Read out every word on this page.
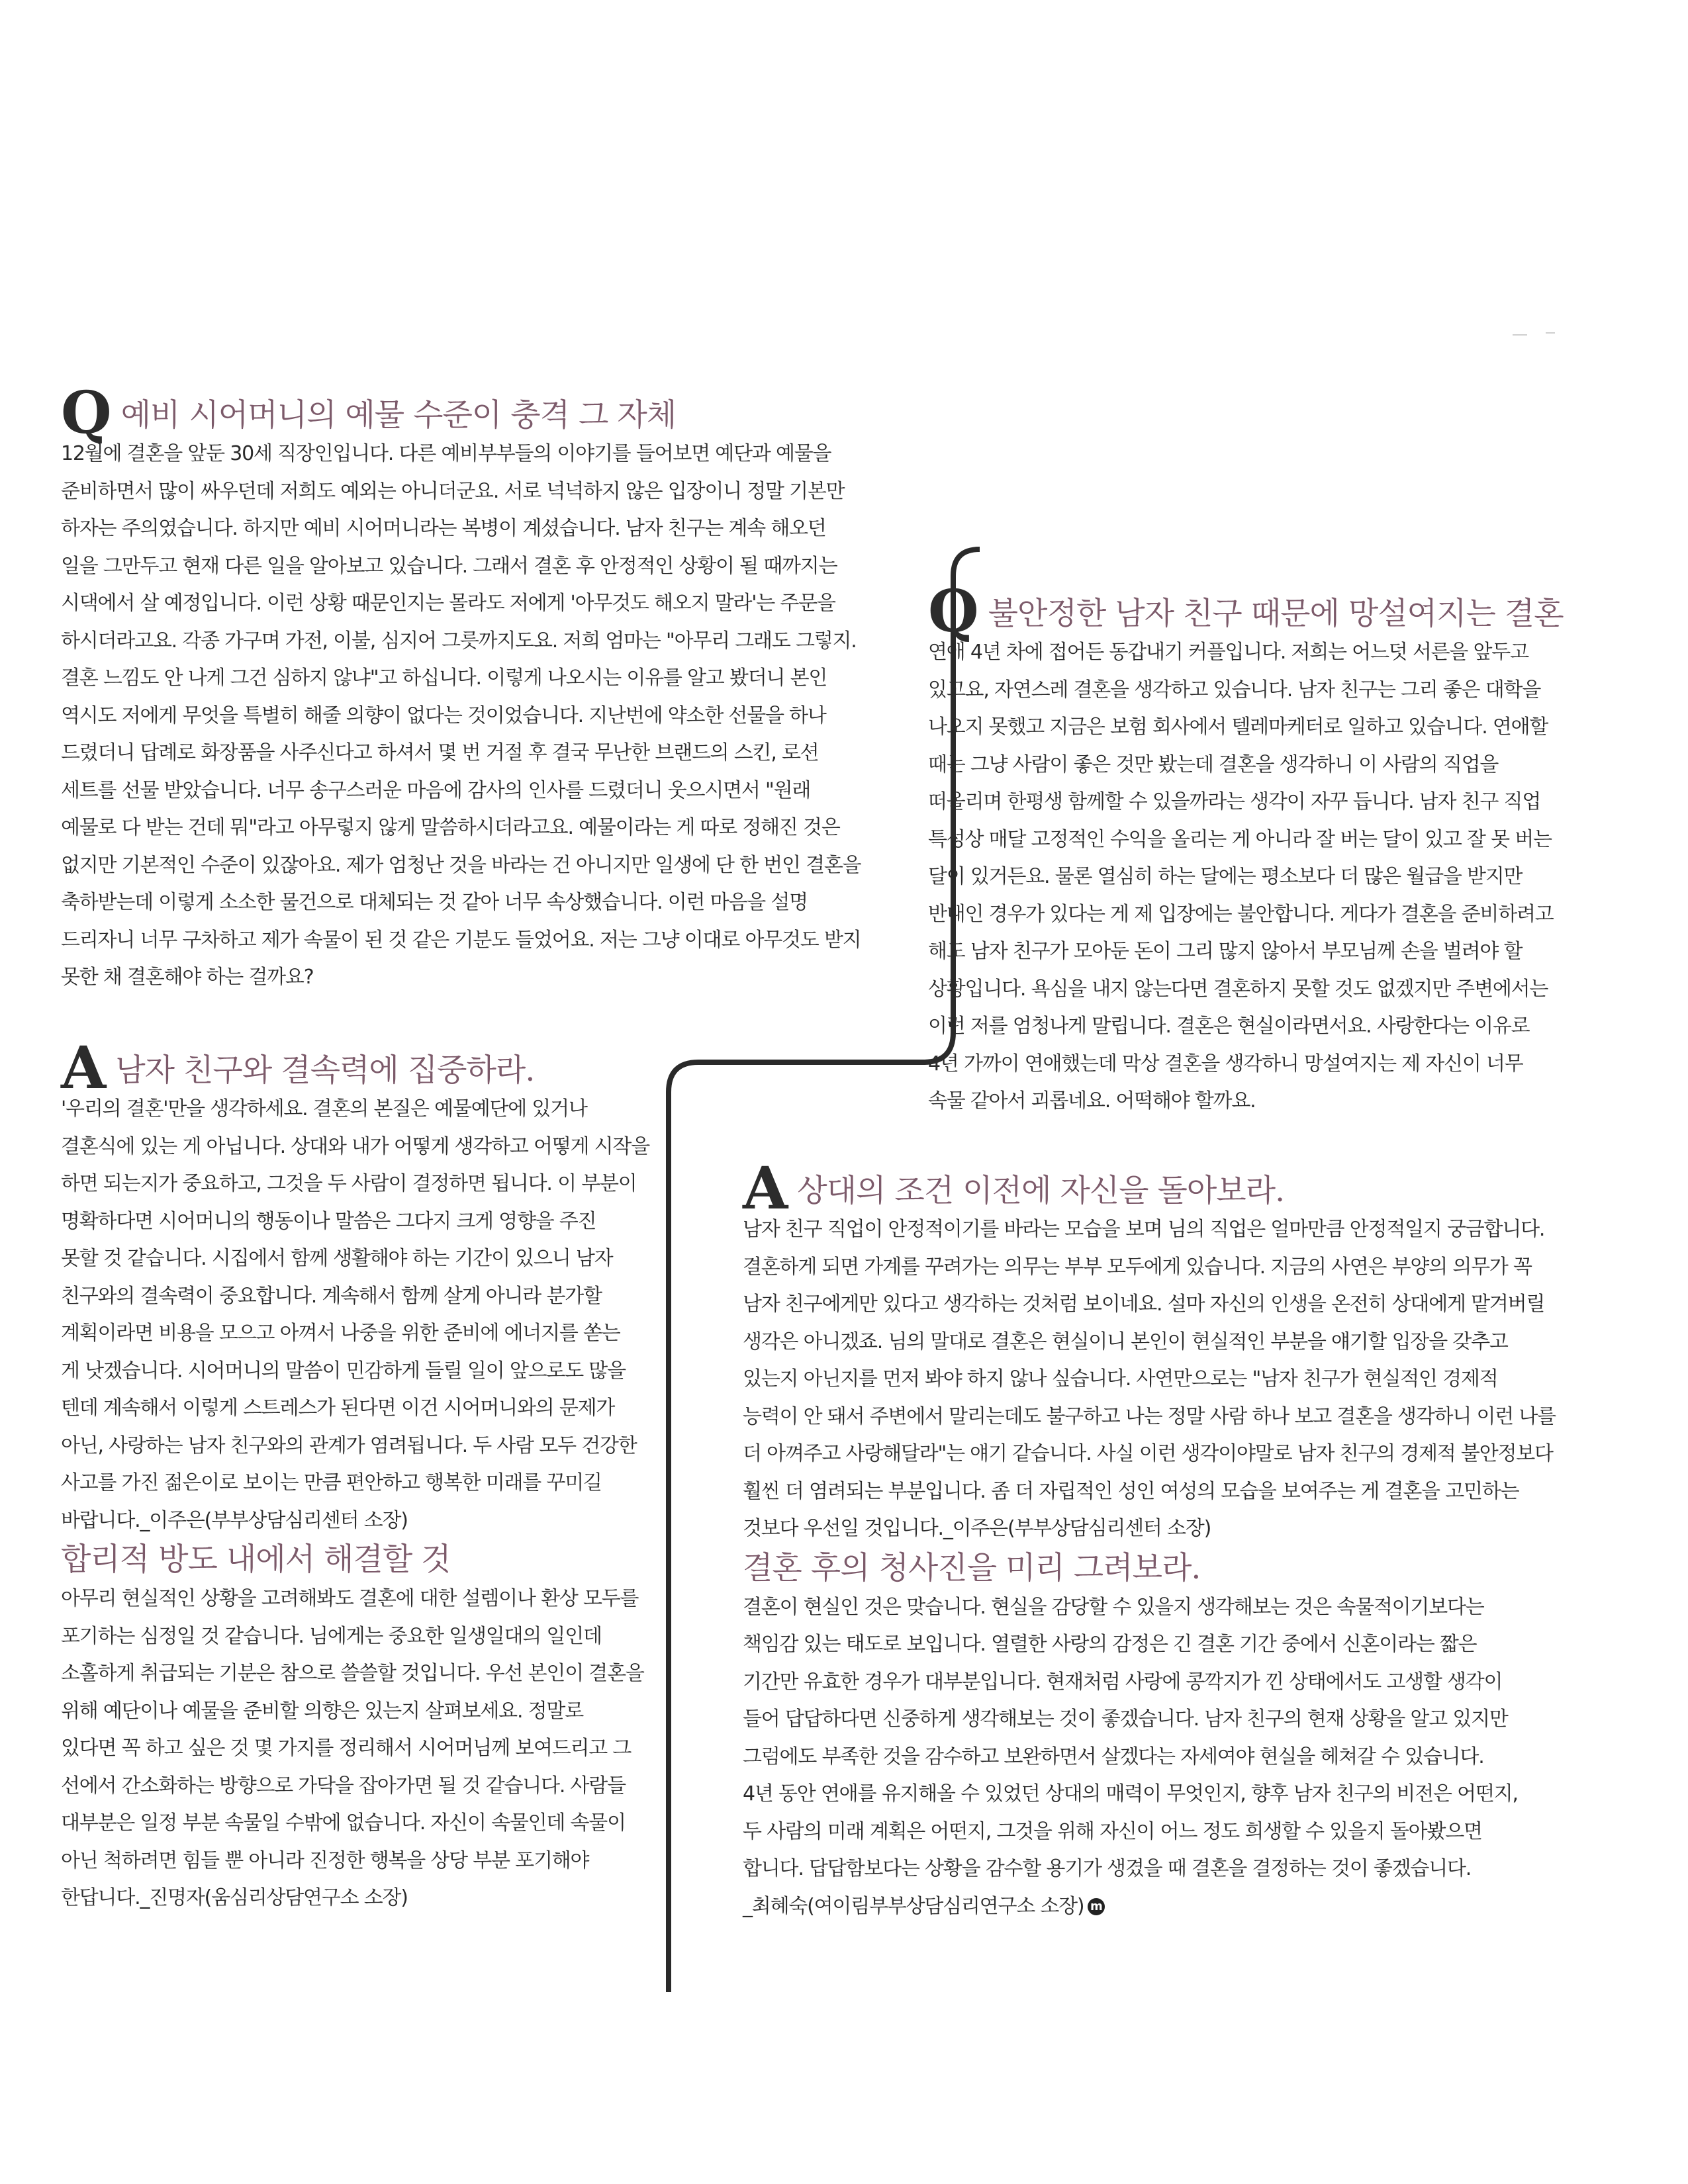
Q 예비 시어머니의 예물 수준이 충격 그 자체

12월에 결혼을 앞둔 30세 직장인입니다. 다른 예비부부들의 이야기를 들어보면 예단과 예물을
준비하면서 많이 싸우던데 저희도 예외는 아니더군요. 서로 넉넉하지 않은 입장이니 정말 기본만
하자는 주의였습니다. 하지만 예비 시어머니라는 복병이 계셨습니다. 남자 친구는 계속 해오던
일을 그만두고 현재 다른 일을 알아보고 있습니다. 그래서 결혼 후 안정적인 상황이 될 때까지는
시댁에서 살 예정입니다. 이런 상황 때문인지는 몰라도 저에게 '아무것도 해오지 말라'는 주문을
하시더라고요. 각종 가구며 가전, 이불, 심지어 그릇까지도요. 저희 엄마는 "아무리 그래도 그렇지.
결혼 느낌도 안 나게 그건 심하지 않냐"고 하십니다. 이렇게 나오시는 이유를 알고 봤더니 본인
역시도 저에게 무엇을 특별히 해줄 의향이 없다는 것이었습니다. 지난번에 약소한 선물을 하나
드렸더니 답례로 화장품을 사주신다고 하셔서 몇 번 거절 후 결국 무난한 브랜드의 스킨, 로션
세트를 선물 받았습니다. 너무 송구스러운 마음에 감사의 인사를 드렸더니 웃으시면서 "원래
예물로 다 받는 건데 뭐"라고 아무렇지 않게 말씀하시더라고요. 예물이라는 게 따로 정해진 것은
없지만 기본적인 수준이 있잖아요. 제가 엄청난 것을 바라는 건 아니지만 일생에 단 한 번인 결혼을
축하받는데 이렇게 소소한 물건으로 대체되는 것 같아 너무 속상했습니다. 이런 마음을 설명
드리자니 너무 구차하고 제가 속물이 된 것 같은 기분도 들었어요. 저는 그냥 이대로 아무것도 받지
못한 채 결혼해야 하는 걸까요?

A 남자 친구와 결속력에 집중하라.

'우리의 결혼'만을 생각하세요. 결혼의 본질은 예물예단에 있거나
결혼식에 있는 게 아닙니다. 상대와 내가 어떻게 생각하고 어떻게 시작을
하면 되는지가 중요하고, 그것을 두 사람이 결정하면 됩니다. 이 부분이
명확하다면 시어머니의 행동이나 말씀은 그다지 크게 영향을 주진
못할 것 같습니다. 시집에서 함께 생활해야 하는 기간이 있으니 남자
친구와의 결속력이 중요합니다. 계속해서 함께 살게 아니라 분가할
계획이라면 비용을 모으고 아껴서 나중을 위한 준비에 에너지를 쏟는
게 낫겠습니다. 시어머니의 말씀이 민감하게 들릴 일이 앞으로도 많을
텐데 계속해서 이렇게 스트레스가 된다면 이건 시어머니와의 문제가
아닌, 사랑하는 남자 친구와의 관계가 염려됩니다. 두 사람 모두 건강한
사고를 가진 젊은이로 보이는 만큼 편안하고 행복한 미래를 꾸미길
바랍니다._이주은(부부상담심리센터 소장)

합리적 방도 내에서 해결할 것

아무리 현실적인 상황을 고려해봐도 결혼에 대한 설렘이나 환상 모두를
포기하는 심정일 것 같습니다. 님에게는 중요한 일생일대의 일인데
소홀하게 취급되는 기분은 참으로 쓸쓸할 것입니다. 우선 본인이 결혼을
위해 예단이나 예물을 준비할 의향은 있는지 살펴보세요. 정말로
있다면 꼭 하고 싶은 것 몇 가지를 정리해서 시어머님께 보여드리고 그
선에서 간소화하는 방향으로 가닥을 잡아가면 될 것 같습니다. 사람들
대부분은 일정 부분 속물일 수밖에 없습니다. 자신이 속물인데 속물이
아닌 척하려면 힘들 뿐 아니라 진정한 행복을 상당 부분 포기해야
한답니다._진명자(움심리상담연구소 소장)

Q 불안정한 남자 친구 때문에 망설여지는 결혼

연애 4년 차에 접어든 동갑내기 커플입니다. 저희는 어느덧 서른을 앞두고
있고요, 자연스레 결혼을 생각하고 있습니다. 남자 친구는 그리 좋은 대학을
나오지 못했고 지금은 보험 회사에서 텔레마케터로 일하고 있습니다. 연애할
때는 그냥 사람이 좋은 것만 봤는데 결혼을 생각하니 이 사람의 직업을
떠올리며 한평생 함께할 수 있을까라는 생각이 자꾸 듭니다. 남자 친구 직업
특성상 매달 고정적인 수익을 올리는 게 아니라 잘 버는 달이 있고 잘 못 버는
달이 있거든요. 물론 열심히 하는 달에는 평소보다 더 많은 월급을 받지만
반대인 경우가 있다는 게 제 입장에는 불안합니다. 게다가 결혼을 준비하려고
해도 남자 친구가 모아둔 돈이 그리 많지 않아서 부모님께 손을 벌려야 할
상황입니다. 욕심을 내지 않는다면 결혼하지 못할 것도 없겠지만 주변에서는
이런 저를 엄청나게 말립니다. 결혼은 현실이라면서요. 사랑한다는 이유로
4년 가까이 연애했는데 막상 결혼을 생각하니 망설여지는 제 자신이 너무
속물 같아서 괴롭네요. 어떡해야 할까요.

A 상대의 조건 이전에 자신을 돌아보라.

남자 친구 직업이 안정적이기를 바라는 모습을 보며 님의 직업은 얼마만큼 안정적일지 궁금합니다.
결혼하게 되면 가계를 꾸려가는 의무는 부부 모두에게 있습니다. 지금의 사연은 부양의 의무가 꼭
남자 친구에게만 있다고 생각하는 것처럼 보이네요. 설마 자신의 인생을 온전히 상대에게 맡겨버릴
생각은 아니겠죠. 님의 말대로 결혼은 현실이니 본인이 현실적인 부분을 얘기할 입장을 갖추고
있는지 아닌지를 먼저 봐야 하지 않나 싶습니다. 사연만으로는 "남자 친구가 현실적인 경제적
능력이 안 돼서 주변에서 말리는데도 불구하고 나는 정말 사람 하나 보고 결혼을 생각하니 이런 나를
더 아껴주고 사랑해달라"는 얘기 같습니다. 사실 이런 생각이야말로 남자 친구의 경제적 불안정보다
훨씬 더 염려되는 부분입니다. 좀 더 자립적인 성인 여성의 모습을 보여주는 게 결혼을 고민하는
것보다 우선일 것입니다._이주은(부부상담심리센터 소장)

결혼 후의 청사진을 미리 그려보라.

결혼이 현실인 것은 맞습니다. 현실을 감당할 수 있을지 생각해보는 것은 속물적이기보다는
책임감 있는 태도로 보입니다. 열렬한 사랑의 감정은 긴 결혼 기간 중에서 신혼이라는 짧은
기간만 유효한 경우가 대부분입니다. 현재처럼 사랑에 콩깍지가 낀 상태에서도 고생할 생각이
들어 답답하다면 신중하게 생각해보는 것이 좋겠습니다. 남자 친구의 현재 상황을 알고 있지만
그럼에도 부족한 것을 감수하고 보완하면서 살겠다는 자세여야 현실을 헤쳐갈 수 있습니다.
4년 동안 연애를 유지해올 수 있었던 상대의 매력이 무엇인지, 향후 남자 친구의 비전은 어떤지,
두 사람의 미래 계획은 어떤지, 그것을 위해 자신이 어느 정도 희생할 수 있을지 돌아봤으면
합니다. 답답함보다는 상황을 감수할 용기가 생겼을 때 결혼을 결정하는 것이 좋겠습니다.
_최혜숙(여이림부부상담심리연구소 소장) m
